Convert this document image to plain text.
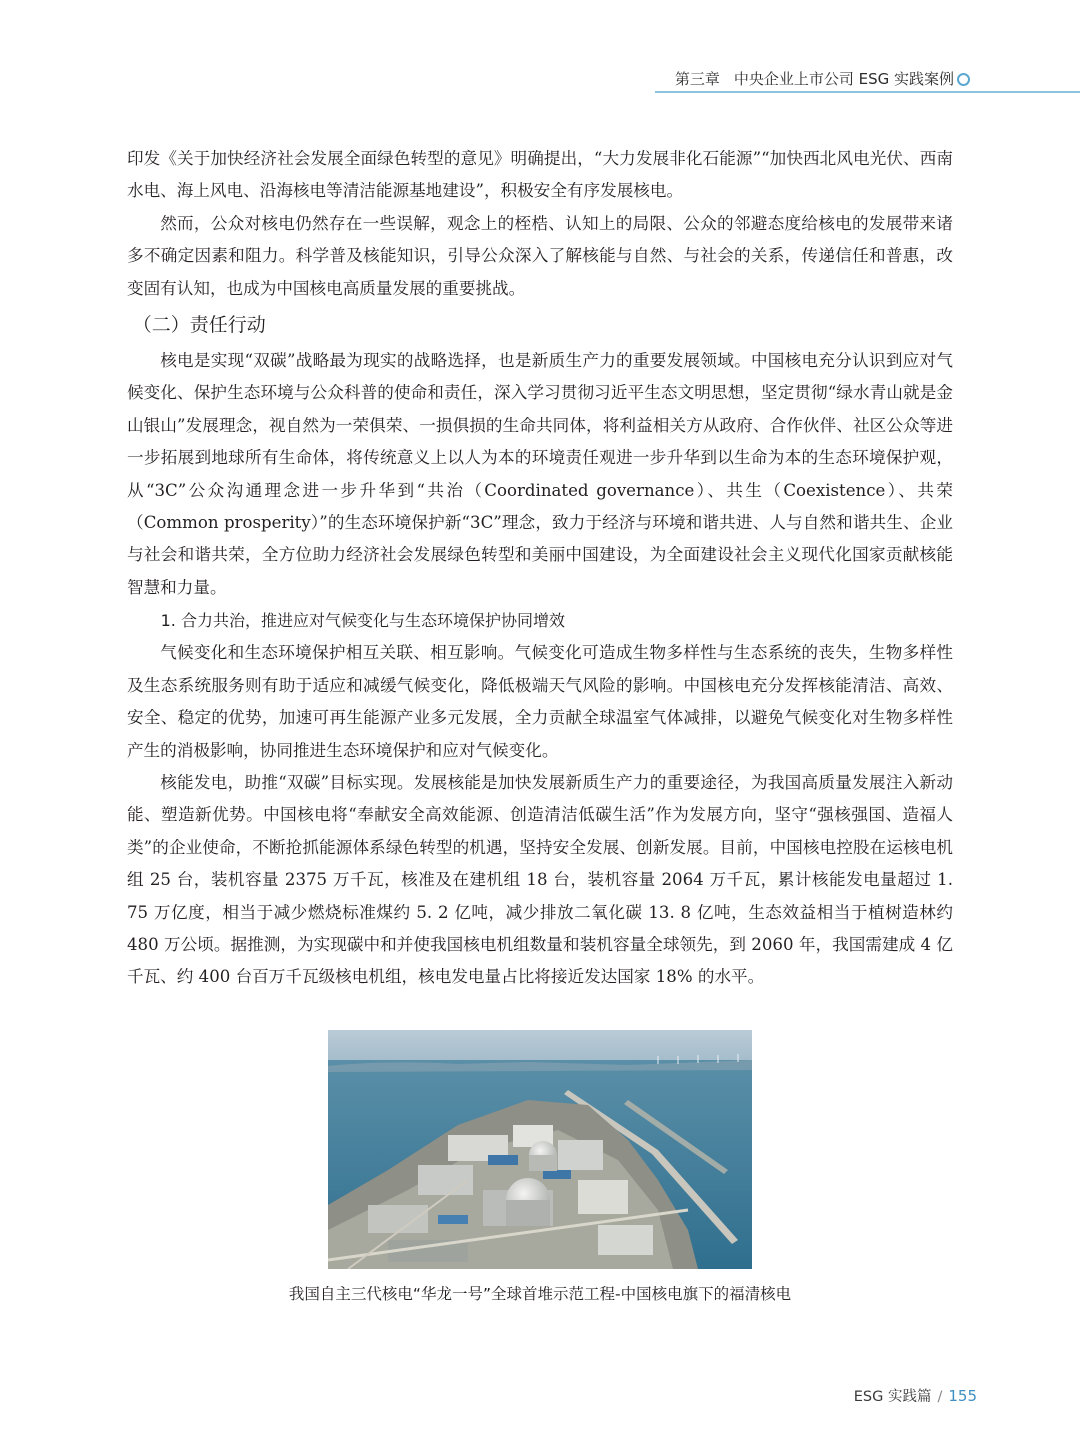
第三章 中央企业上市公司 ESG 实践案例

印发《关于加快经济社会发展全面绿色转型的意见》明确提出，“大力发展非化石能源”“加快西北风电光伏、西南水电、海上风电、沿海核电等清洁能源基地建设”，积极安全有序发展核电。

然而，公众对核电仍然存在一些误解，观念上的桎梏、认知上的局限、公众的邻避态度给核电的发展带来诸多不确定因素和阻力。科学普及核能知识，引导公众深入了解核能与自然、与社会的关系，传递信任和普惠，改变固有认知，也成为中国核电高质量发展的重要挑战。

（二）责任行动

核电是实现“双碳”战略最为现实的战略选择，也是新质生产力的重要发展领域。中国核电充分认识到应对气候变化、保护生态环境与公众科普的使命和责任，深入学习贯彻习近平生态文明思想，坚定贯彻“绿水青山就是金山银山”发展理念，视自然为一荣俱荣、一损俱损的生命共同体，将利益相关方从政府、合作伙伴、社区公众等进一步拓展到地球所有生命体，将传统意义上以人为本的环境责任观进一步升华到以生命为本的生态环境保护观，从“3C”公众沟通理念进一步升华到“共治（Coordinated governance）、共生（Coexistence）、共荣（Common prosperity）”的生态环境保护新“3C”理念，致力于经济与环境和谐共进、人与自然和谐共生、企业与社会和谐共荣，全方位助力经济社会发展绿色转型和美丽中国建设，为全面建设社会主义现代化国家贡献核能智慧和力量。

1. 合力共治，推进应对气候变化与生态环境保护协同增效

气候变化和生态环境保护相互关联、相互影响。气候变化可造成生物多样性与生态系统的丧失，生物多样性及生态系统服务则有助于适应和减缓气候变化，降低极端天气风险的影响。中国核电充分发挥核能清洁、高效、安全、稳定的优势，加速可再生能源产业多元发展，全力贡献全球温室气体减排，以避免气候变化对生物多样性产生的消极影响，协同推进生态环境保护和应对气候变化。

核能发电，助推“双碳”目标实现。发展核能是加快发展新质生产力的重要途径，为我国高质量发展注入新动能、塑造新优势。中国核电将“奉献安全高效能源、创造清洁低碳生活”作为发展方向，坚守“强核强国、造福人类”的企业使命，不断抢抓能源体系绿色转型的机遇，坚持安全发展、创新发展。目前，中国核电控股在运核电机组 25 台，装机容量 2375 万千瓦，核准及在建机组 18 台，装机容量 2064 万千瓦，累计核能发电量超过 1. 75 万亿度，相当于减少燃烧标准煤约 5. 2 亿吨，减少排放二氧化碳 13. 8 亿吨，生态效益相当于植树造林约 480 万公顷。据推测，为实现碳中和并使我国核电机组数量和装机容量全球领先，到 2060 年，我国需建成 4 亿千瓦、约 400 台百万千瓦级核电机组，核电发电量占比将接近发达国家 18% 的水平。

我国自主三代核电“华龙一号”全球首堆示范工程-中国核电旗下的福清核电
ESG 实践篇 / 155
